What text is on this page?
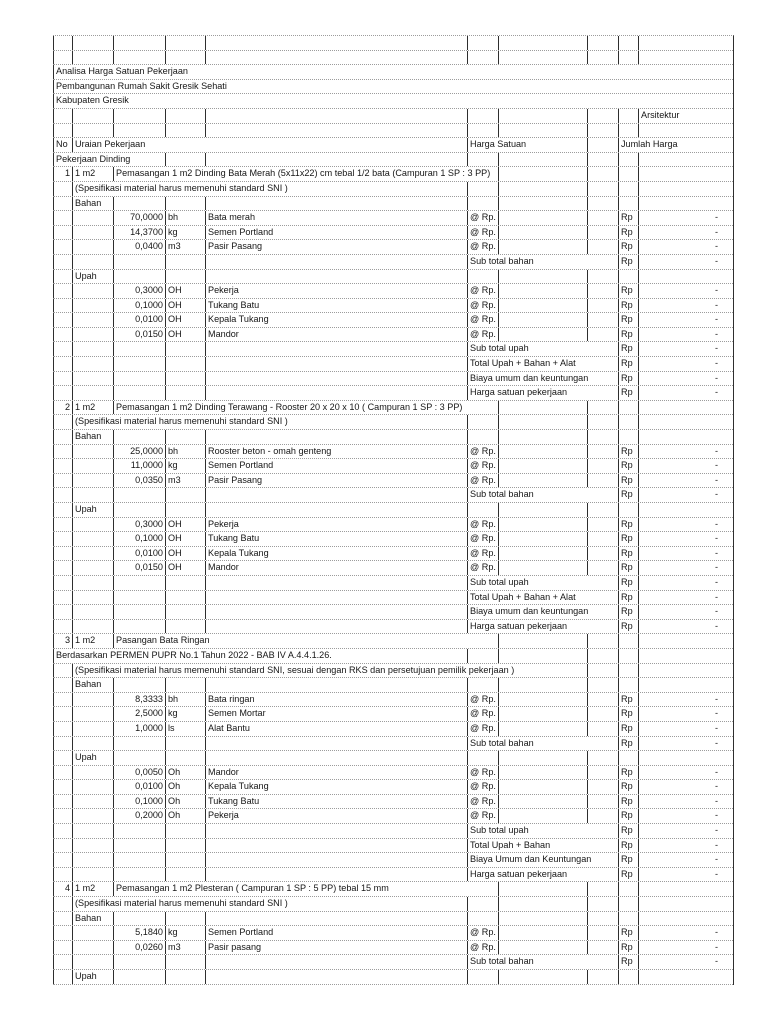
Analisa Harga Satuan Pekerjaan
Pembangunan Rumah Sakit Gresik Sehati
Kabupaten Gresik
Arsitektur
No Uraian Pekerjaan	Harga Satuan	Jumlah Harga
Pekerjaan Dinding
1 1 m2	Pemasangan 1 m2 Dinding Bata Merah (5x11x22) cm tebal 1/2 bata (Campuran 1 SP : 3 PP)
(Spesifikasi material harus memenuhi standard SNI )
Bahan
70,0000 bh	Bata merah	@ Rp.	Rp	-
14,3700 kg	Semen Portland	@ Rp.	Rp	-
0,0400 m3	Pasir Pasang	@ Rp.	Rp	-
Sub total bahan	Rp	-
Upah
0,3000 OH	Pekerja	@ Rp.	Rp	-
0,1000 OH	Tukang Batu	@ Rp.	Rp	-
0,0100 OH	Kepala Tukang	@ Rp.	Rp	-
0,0150 OH	Mandor	@ Rp.	Rp	-
Sub total upah	Rp	-
Total Upah + Bahan + Alat	Rp	-
Biaya umum dan keuntungan	Rp	-
Harga satuan pekerjaan	Rp	-
2 1 m2	Pemasangan 1 m2 Dinding Terawang - Rooster 20 x 20 x 10 ( Campuran 1 SP : 3 PP)
(Spesifikasi material harus memenuhi standard SNI )
Bahan
25,0000 bh	Rooster beton - omah genteng	@ Rp.	Rp	-
11,0000 kg	Semen Portland	@ Rp.	Rp	-
0,0350 m3	Pasir Pasang	@ Rp.	Rp	-
Sub total bahan	Rp	-
Upah
0,3000 OH	Pekerja	@ Rp.	Rp	-
0,1000 OH	Tukang Batu	@ Rp.	Rp	-
0,0100 OH	Kepala Tukang	@ Rp.	Rp	-
0,0150 OH	Mandor	@ Rp.	Rp	-
Sub total upah	Rp	-
Total Upah + Bahan + Alat	Rp	-
Biaya umum dan keuntungan	Rp	-
Harga satuan pekerjaan	Rp	-
3 1 m2	Pasangan Bata Ringan
Berdasarkan PERMEN PUPR No.1 Tahun 2022 - BAB IV A.4.4.1.26.
(Spesifikasi material harus memenuhi standard SNI, sesuai dengan RKS dan persetujuan pemilik pekerjaan )
Bahan
8,3333 bh	Bata ringan	@ Rp.	Rp	-
2,5000 kg	Semen Mortar	@ Rp.	Rp	-
1,0000 ls	Alat Bantu	@ Rp.	Rp	-
Sub total bahan	Rp	-
Upah
0,0050 Oh	Mandor	@ Rp.	Rp	-
0,0100 Oh	Kepala Tukang	@ Rp.	Rp	-
0,1000 Oh	Tukang Batu	@ Rp.	Rp	-
0,2000 Oh	Pekerja	@ Rp.	Rp	-
Sub total upah	Rp	-
Total Upah + Bahan	Rp	-
Biaya Umum dan Keuntungan	Rp	-
Harga satuan pekerjaan	Rp	-
4 1 m2	Pemasangan 1 m2 Plesteran ( Campuran 1 SP : 5 PP) tebal 15 mm
(Spesifikasi material harus memenuhi standard SNI )
Bahan
5,1840 kg	Semen Portland	@ Rp.	Rp	-
0,0260 m3	Pasir pasang	@ Rp.	Rp	-
Sub total bahan	Rp	-
Upah
